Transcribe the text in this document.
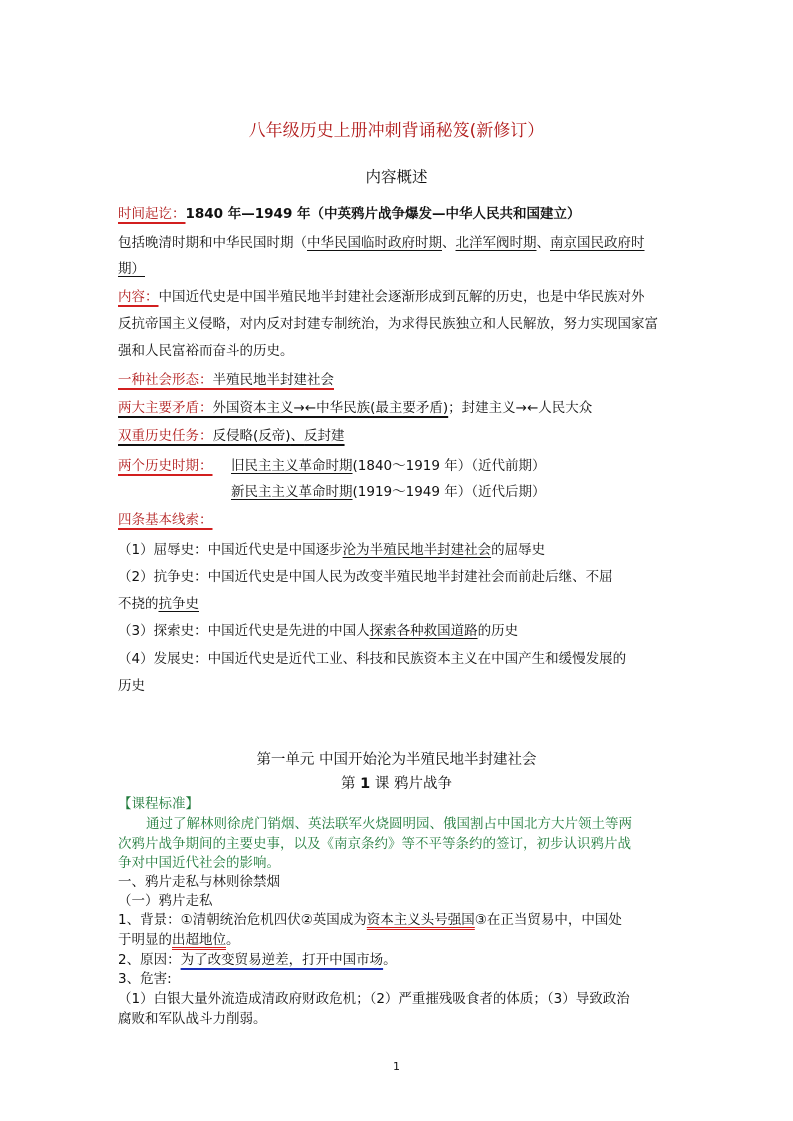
八年级历史上册冲刺背诵秘笈(新修订）
内容概述
时间起讫：1840 年—1949 年（中英鸦片战争爆发—中华人民共和国建立）
包括晚清时期和中华民国时期（中华民国临时政府时期、北洋军阀时期、南京国民政府时
期）
内容：中国近代史是中国半殖民地半封建社会逐渐形成到瓦解的历史，也是中华民族对外
反抗帝国主义侵略，对内反对封建专制统治，为求得民族独立和人民解放，努力实现国家富
强和人民富裕而奋斗的历史。
一种社会形态：半殖民地半封建社会
两大主要矛盾：外国资本主义→←中华民族(最主要矛盾)；封建主义→←人民大众
双重历史任务：反侵略(反帝)、反封建
两个历史时期： 旧民主主义革命时期(1840～1919 年）（近代前期）
新民主主义革命时期(1919～1949 年）（近代后期）
四条基本线索：
（1）屈辱史：中国近代史是中国逐步沦为半殖民地半封建社会的屈辱史
（2）抗争史：中国近代史是中国人民为改变半殖民地半封建社会而前赴后继、不屈
不挠的抗争史
（3）探索史：中国近代史是先进的中国人探索各种救国道路的历史
（4）发展史：中国近代史是近代工业、科技和民族资本主义在中国产生和缓慢发展的
历史
第一单元 中国开始沦为半殖民地半封建社会
第 1 课 鸦片战争
【课程标准】
通过了解林则徐虎门销烟、英法联军火烧圆明园、俄国割占中国北方大片领土等两
次鸦片战争期间的主要史事，以及《南京条约》等不平等条约的签订，初步认识鸦片战
争对中国近代社会的影响。
一、鸦片走私与林则徐禁烟
（一）鸦片走私
1、背景：①清朝统治危机四伏②英国成为资本主义头号强国③在正当贸易中，中国处
于明显的出超地位。
2、原因：为了改变贸易逆差，打开中国市场。
3、危害:
（1）白银大量外流造成清政府财政危机；（2）严重摧残吸食者的体质；（3）导致政治
腐败和军队战斗力削弱。
1
